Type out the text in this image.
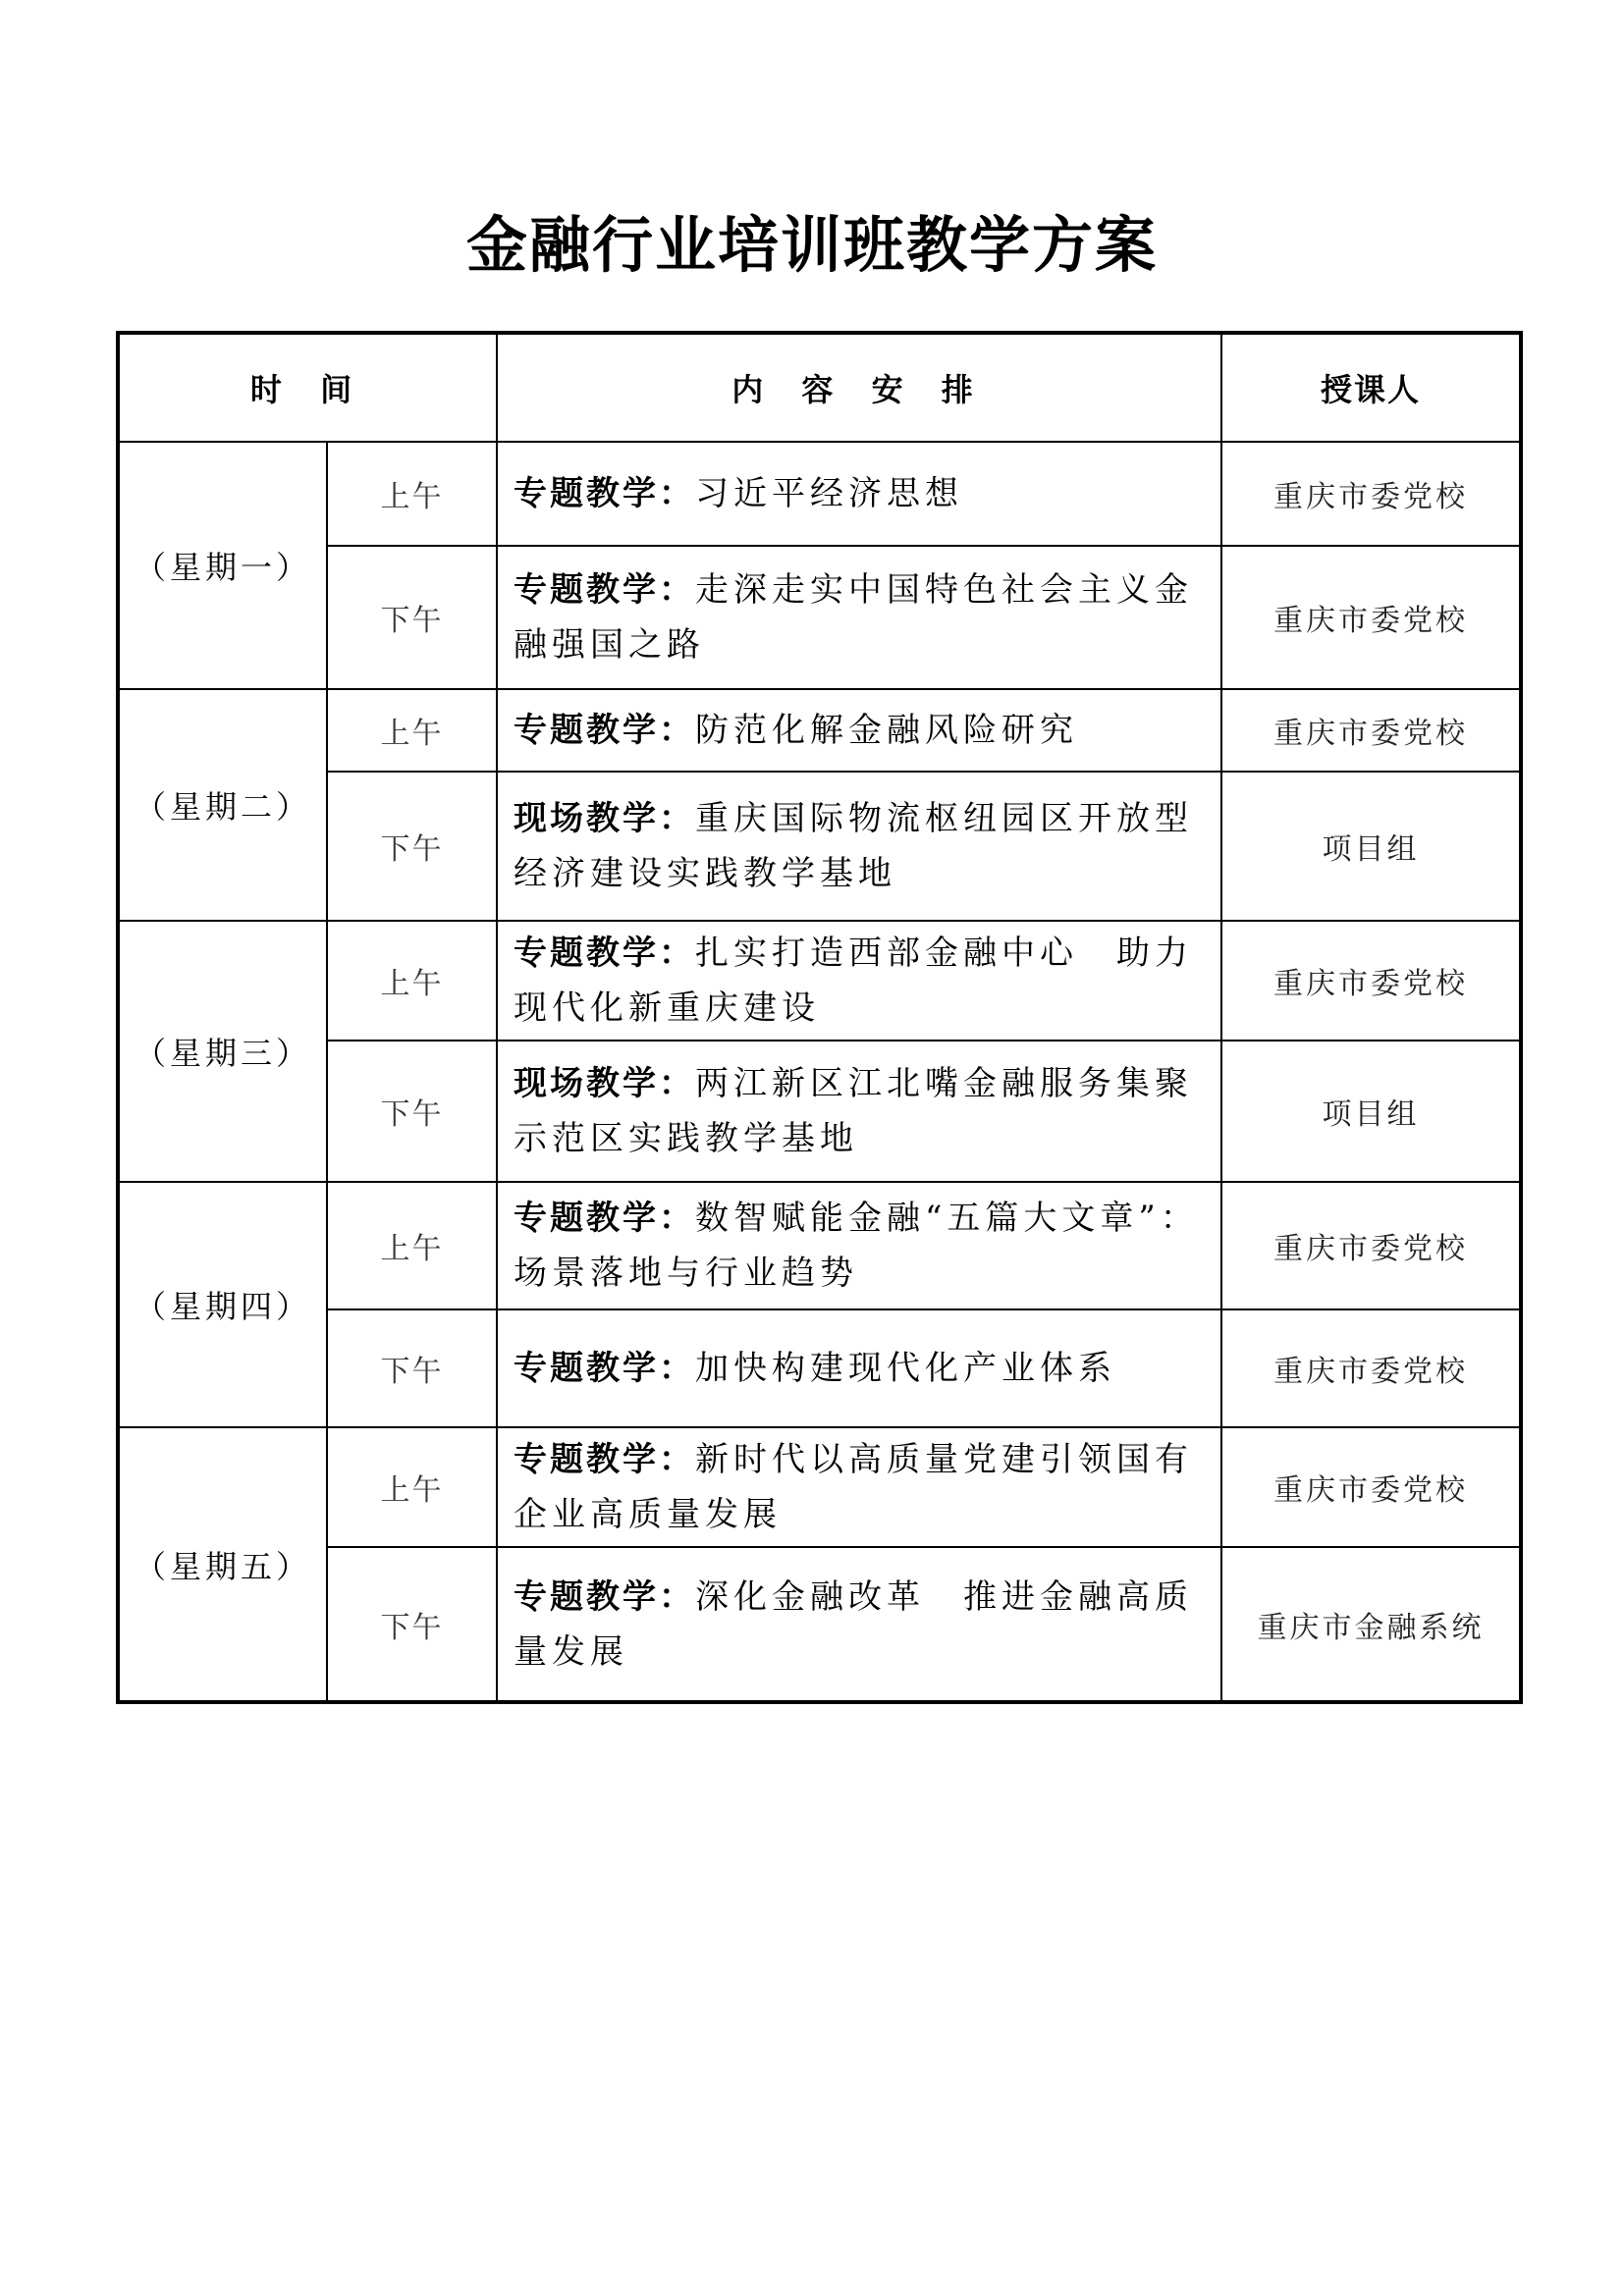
金融行业培训班教学方案
时 间		内 容 安 排	授课人
（星期一）	上午	专题教学：习近平经济思想	重庆市委党校
	下午	专题教学：走深走实中国特色社会主义金融强国之路	重庆市委党校
（星期二）	上午	专题教学：防范化解金融风险研究	重庆市委党校
	下午	现场教学：重庆国际物流枢纽园区开放型经济建设实践教学基地	项目组
（星期三）	上午	专题教学：扎实打造西部金融中心　助力现代化新重庆建设	重庆市委党校
	下午	现场教学：两江新区江北嘴金融服务集聚示范区实践教学基地	项目组
（星期四）	上午	专题教学：数智赋能金融“五篇大文章”：场景落地与行业趋势	重庆市委党校
	下午	专题教学：加快构建现代化产业体系	重庆市委党校
（星期五）	上午	专题教学：新时代以高质量党建引领国有企业高质量发展	重庆市委党校
	下午	专题教学：深化金融改革　推进金融高质量发展	重庆市金融系统
